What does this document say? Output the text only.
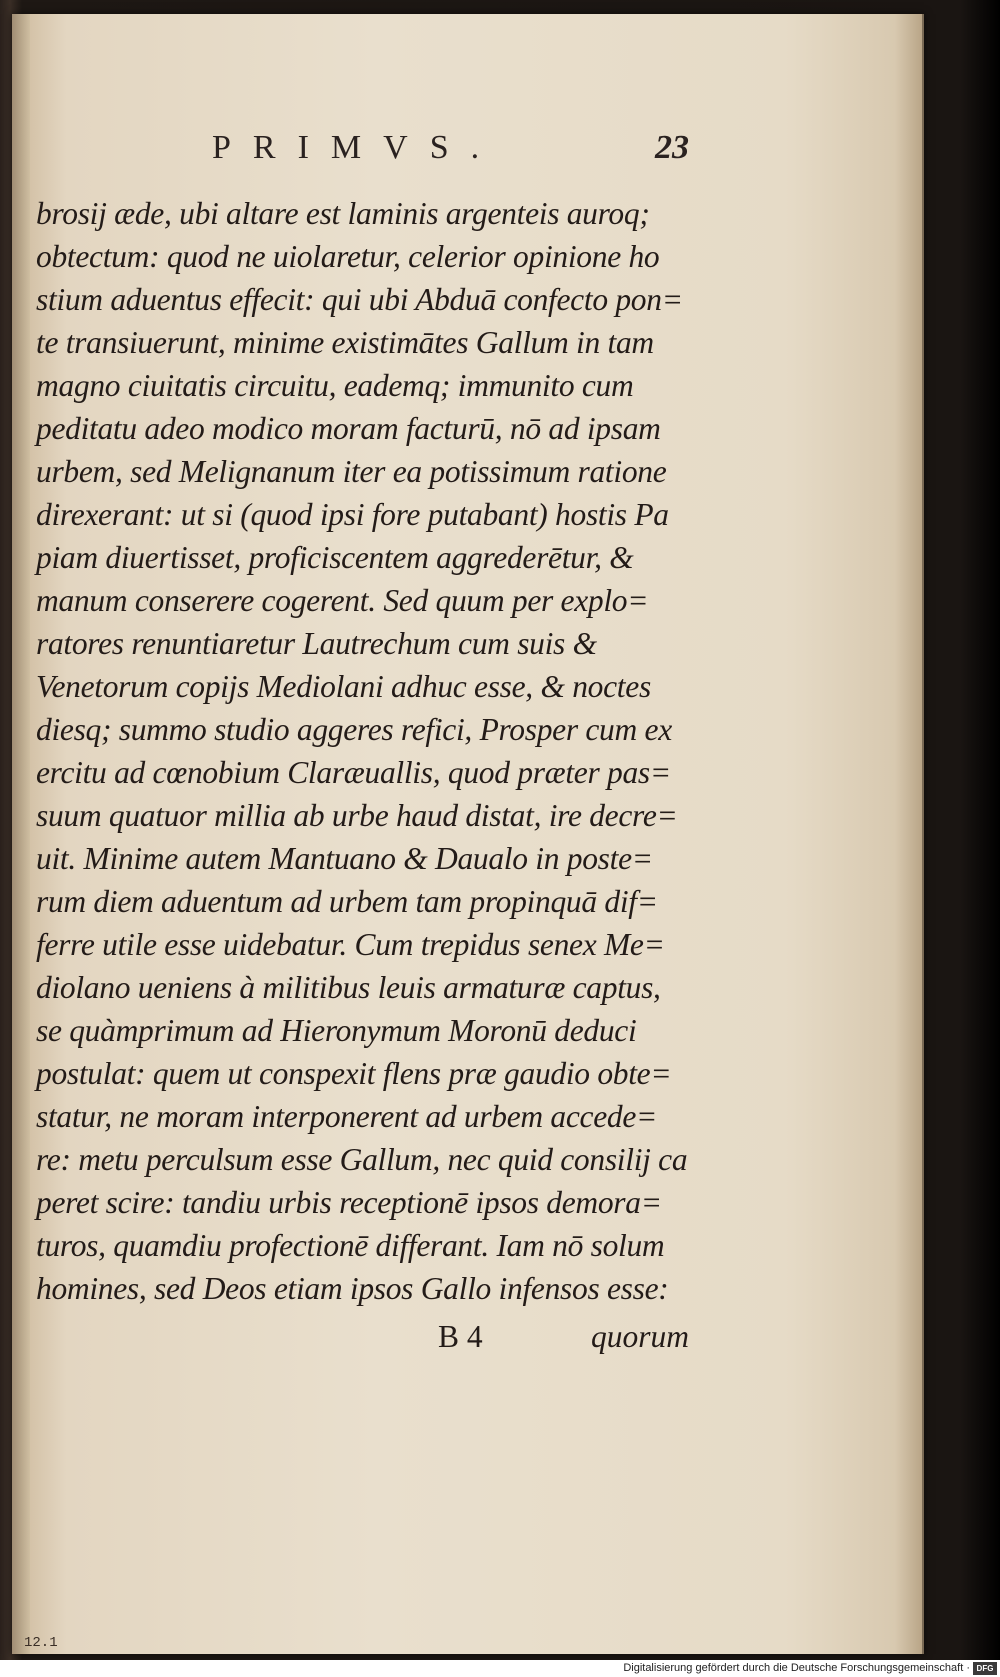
PRIMVS.	23
brosij æde, ubi altare est laminis argenteis auroq;
obtectum: quod ne uiolaretur, celerior opinione ho
stium aduentus effecit: qui ubi Abduā confecto pon=
te transiuerunt, minime existimātes Gallum in tam
magno ciuitatis circuitu, eademq; immunito cum
peditatu adeo modico moram facturū, nō ad ipsam
urbem, sed Melignanum iter ea potissimum ratione
direxerant: ut si (quod ipsi fore putabant) hostis Pa
piam diuertisset, proficiscentem aggrederētur, &
manum conserere cogerent. Sed quum per explo=
ratores renuntiaretur Lautrechum cum suis &
Venetorum copijs Mediolani adhuc esse, & noctes
diesq; summo studio aggeres refici, Prosper cum ex
ercitu ad cœnobium Claræuallis, quod præter pas=
suum quatuor millia ab urbe haud distat, ire decre=
uit. Minime autem Mantuano & Daualo in poste=
rum diem aduentum ad urbem tam propinquā dif=
ferre utile esse uidebatur. Cum trepidus senex Me=
diolano ueniens à militibus leuis armaturæ captus,
se quàmprimum ad Hieronymum Moronū deduci
postulat: quem ut conspexit flens præ gaudio obte=
statur, ne moram interponerent ad urbem accede=
re: metu perculsum esse Gallum, nec quid consilij ca
peret scire: tandiu urbis receptionē ipsos demora=
turos, quamdiu profectionē differant. Iam nō solum
homines, sed Deos etiam ipsos Gallo infensos esse:
B 4	quorum
12.1
Digitalisierung gefördert durch die Deutsche Forschungsgemeinschaft · DFG
